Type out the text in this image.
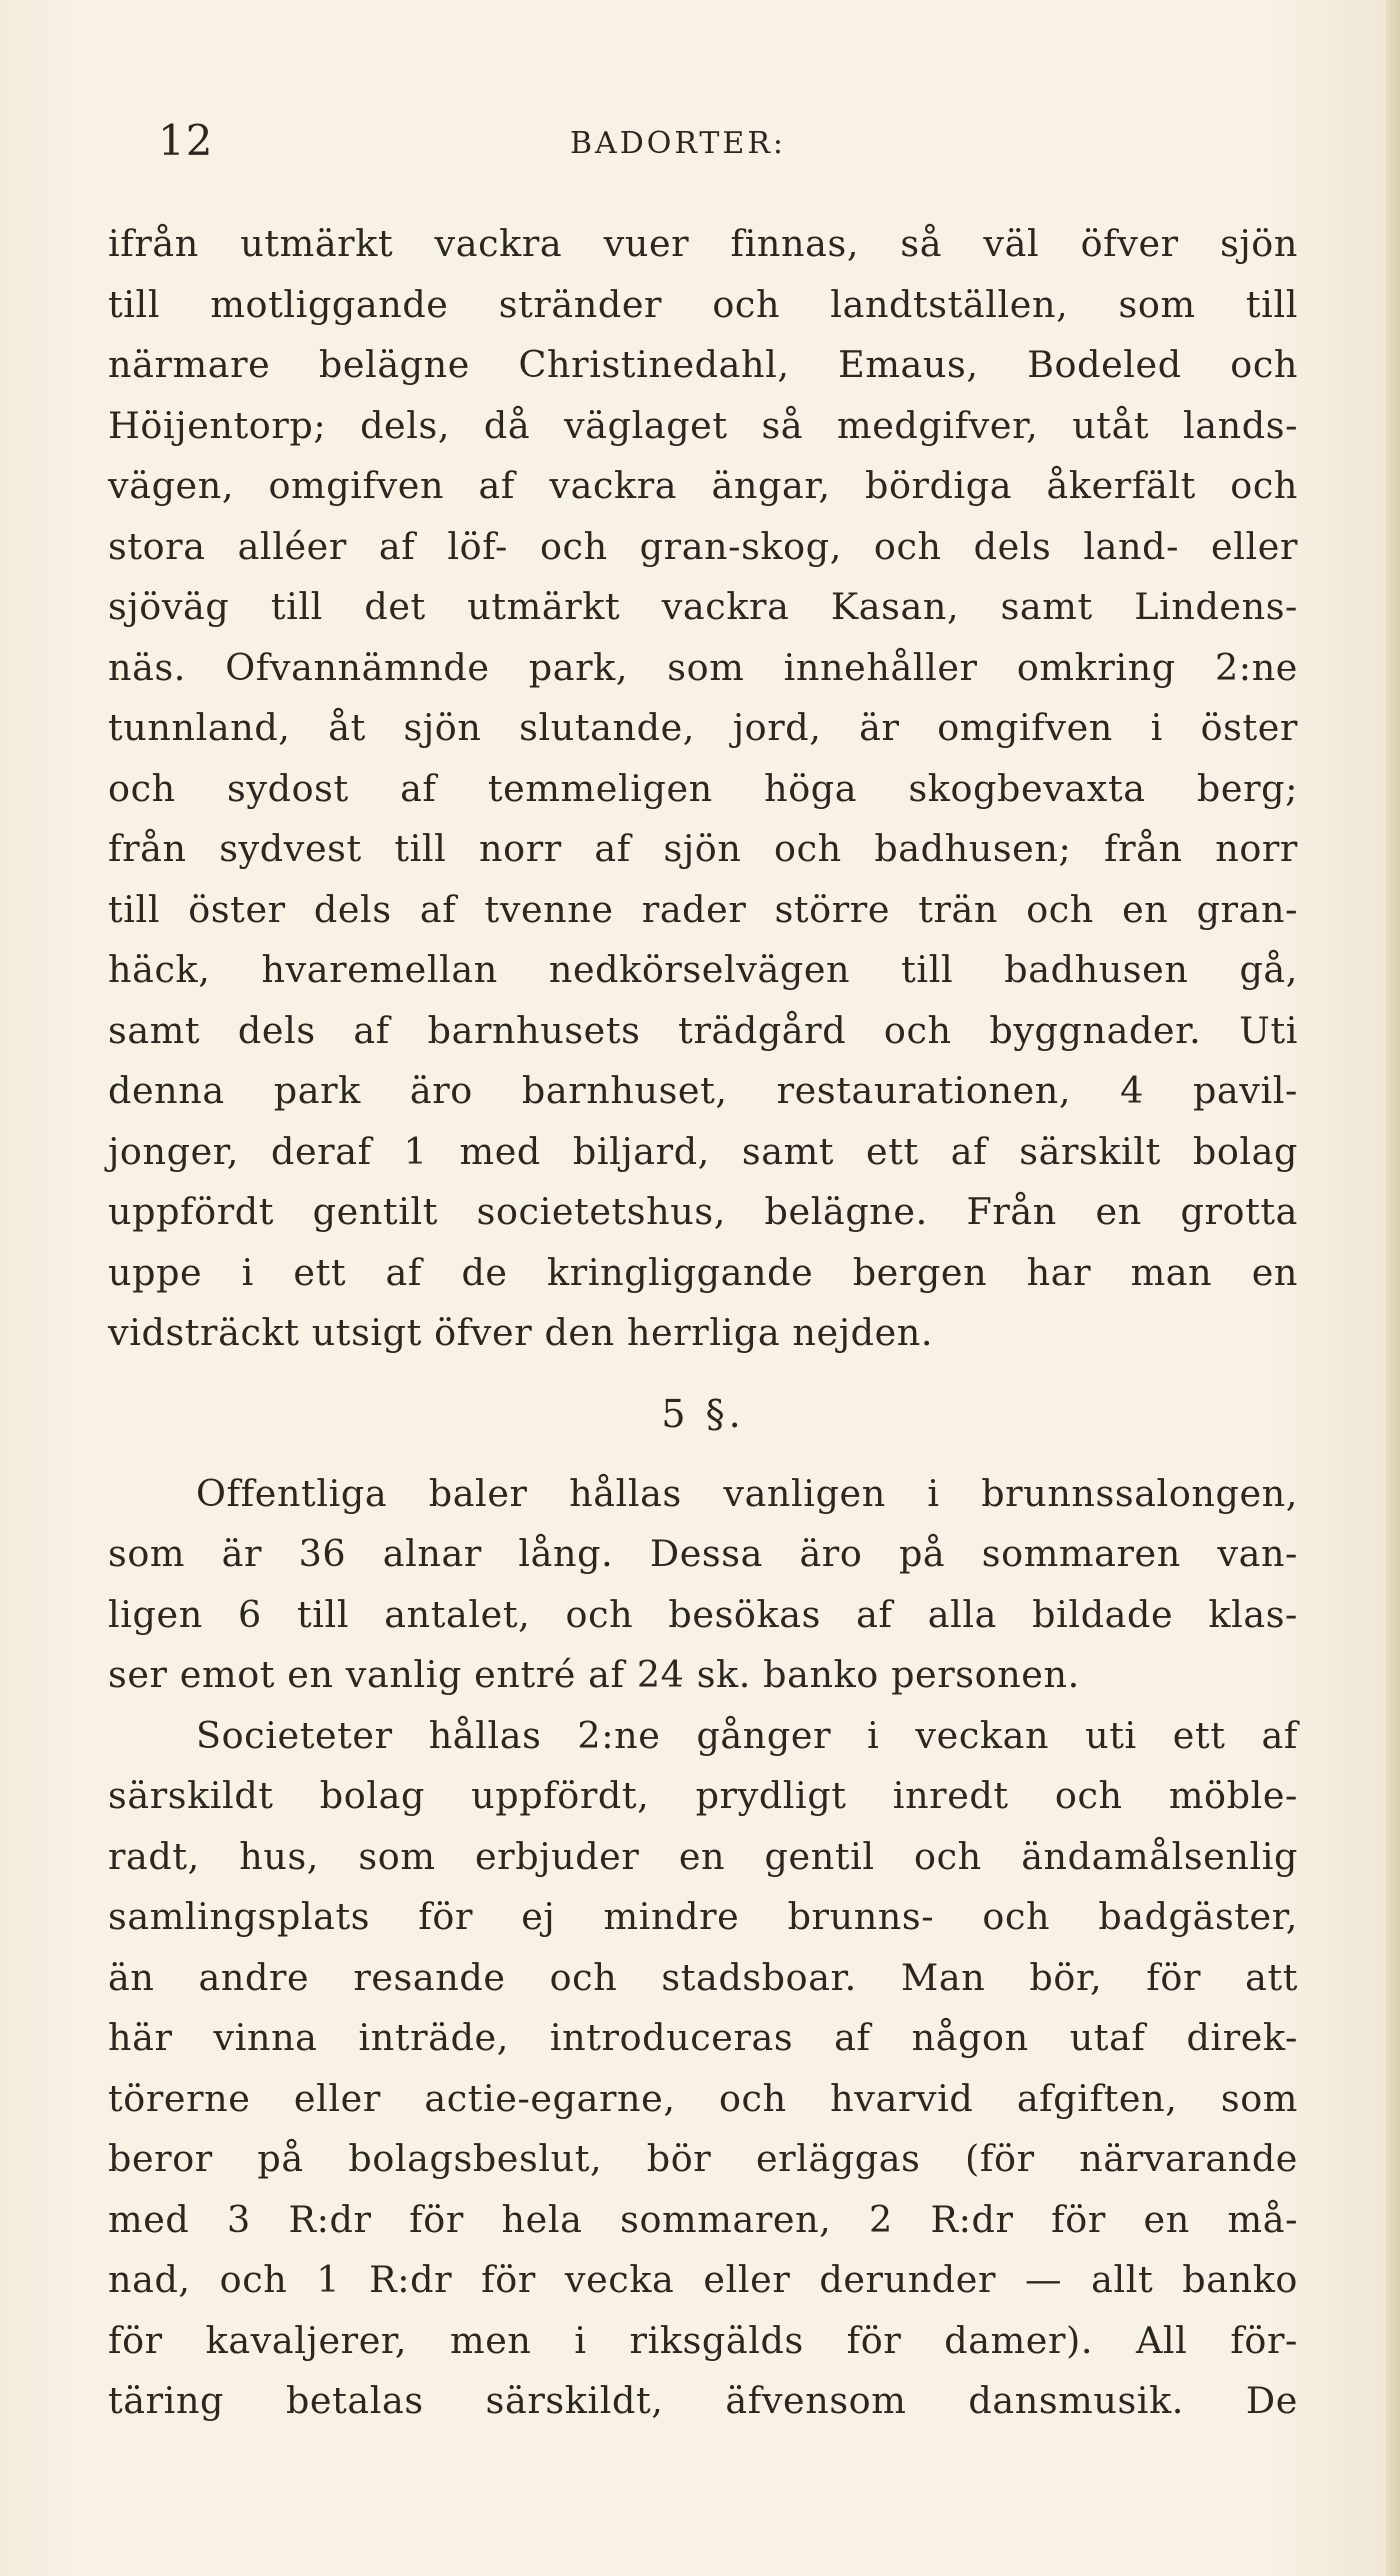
12	BADORTER:
ifrån utmärkt vackra vuer finnas, så väl öfver sjön
till motliggande stränder och landtställen, som till
närmare belägne Christinedahl, Emaus, Bodeled och
Höijentorp; dels, då väglaget så medgifver, utåt lands-
vägen, omgifven af vackra ängar, bördiga åkerfält och
stora alléer af löf- och gran-skog, och dels land- eller
sjöväg till det utmärkt vackra Kasan, samt Lindens-
näs. Ofvannämnde park, som innehåller omkring 2:ne
tunnland, åt sjön slutande, jord, är omgifven i öster
och sydost af temmeligen höga skogbevaxta berg;
från sydvest till norr af sjön och badhusen; från norr
till öster dels af tvenne rader större trän och en gran-
häck, hvaremellan nedkörselvägen till badhusen gå,
samt dels af barnhusets trädgård och byggnader. Uti
denna park äro barnhuset, restaurationen, 4 pavil-
jonger, deraf 1 med biljard, samt ett af särskilt bolag
uppfördt gentilt societetshus, belägne. Från en grotta
uppe i ett af de kringliggande bergen har man en
vidsträckt utsigt öfver den herrliga nejden.
5 §.
Offentliga baler hållas vanligen i brunnssalongen,
som är 36 alnar lång. Dessa äro på sommaren van-
ligen 6 till antalet, och besökas af alla bildade klas-
ser emot en vanlig entré af 24 sk. banko personen.
Societeter hållas 2:ne gånger i veckan uti ett af
särskildt bolag uppfördt, prydligt inredt och möble-
radt, hus, som erbjuder en gentil och ändamålsenlig
samlingsplats för ej mindre brunns- och badgäster,
än andre resande och stadsboar. Man bör, för att
här vinna inträde, introduceras af någon utaf direk-
törerne eller actie-egarne, och hvarvid afgiften, som
beror på bolagsbeslut, bör erläggas (för närvarande
med 3 R:dr för hela sommaren, 2 R:dr för en må-
nad, och 1 R:dr för vecka eller derunder — allt banko
för kavaljerer, men i riksgälds för damer). All för-
täring betalas särskildt, äfvensom dansmusik. De
